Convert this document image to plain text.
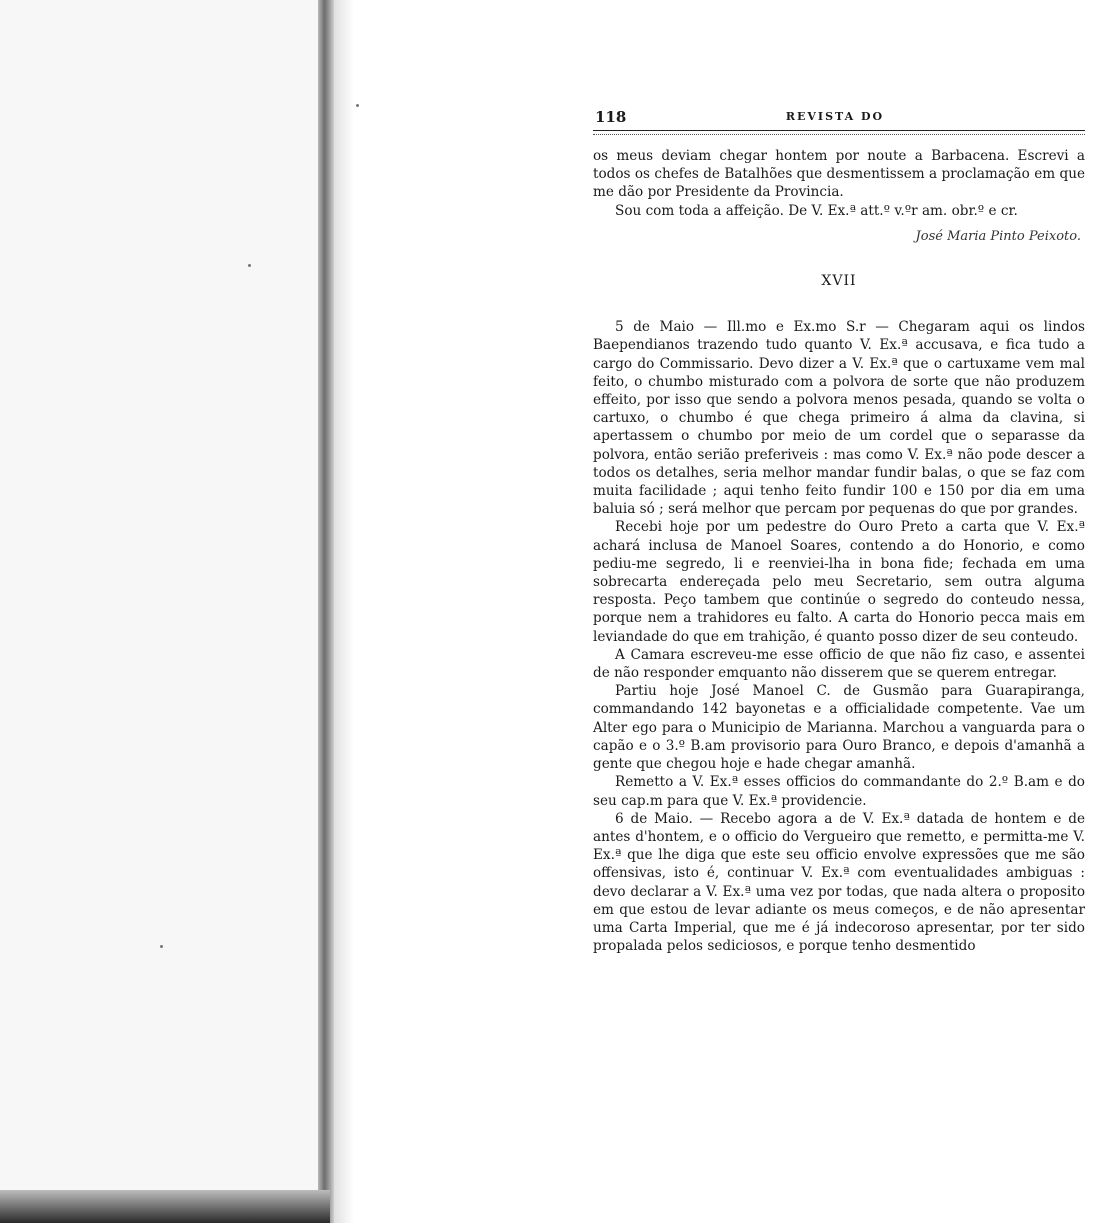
118	REVISTA DO

os meus deviam chegar hontem por noute a Barbacena. Escrevi a todos os chefes de Batalhões que desmentissem a proclamação em que me dão por Presidente da Provincia.

Sou com toda a affeição. De V. Ex.ª att.º v.ºr am. obr.º e cr.

José Maria Pinto Peixoto.
XVII

5 de Maio — Ill.mo e Ex.mo S.r — Chegaram aqui os lindos Baependianos trazendo tudo quanto V. Ex.ª accusava, e fica tudo a cargo do Commissario. Devo dizer a V. Ex.ª que o cartuxame vem mal feito, o chumbo misturado com a polvora de sorte que não produzem effeito, por isso que sendo a polvora menos pesada, quando se volta o cartuxo, o chumbo é que chega primeiro á alma da clavina, si apertassem o chumbo por meio de um cordel que o separasse da polvora, então serião preferiveis : mas como V. Ex.ª não pode descer a todos os detalhes, seria melhor mandar fundir balas, o que se faz com muita facilidade ; aqui tenho feito fundir 100 e 150 por dia em uma baluia só ; será melhor que percam por pequenas do que por grandes.

Recebi hoje por um pedestre do Ouro Preto a carta que V. Ex.ª achará inclusa de Manoel Soares, contendo a do Honorio, e como pediu-me segredo, li e reenviei-lha in bona fide; fechada em uma sobrecarta endereçada pelo meu Secretario, sem outra alguma resposta. Peço tambem que continúe o segredo do conteudo nessa, porque nem a trahidores eu falto. A carta do Honorio pecca mais em leviandade do que em trahição, é quanto posso dizer de seu conteudo.

A Camara escreveu-me esse officio de que não fiz caso, e assentei de não responder emquanto não disserem que se querem entregar.

Partiu hoje José Manoel C. de Gusmão para Guarapiranga, commandando 142 bayonetas e a officialidade competente. Vae um Alter ego para o Municipio de Marianna. Marchou a vanguarda para o capão e o 3.º B.am provisorio para Ouro Branco, e depois d'amanhã a gente que chegou hoje e hade chegar amanhã.

Remetto a V. Ex.ª esses officios do commandante do 2.º B.am e do seu cap.m para que V. Ex.ª providencie.

6 de Maio. — Recebo agora a de V. Ex.ª datada de hontem e de antes d'hontem, e o officio do Vergueiro que remetto, e permitta-me V. Ex.ª que lhe diga que este seu officio envolve expressões que me são offensivas, isto é, continuar V. Ex.ª com eventualidades ambiguas : devo declarar a V. Ex.ª uma vez por todas, que nada altera o proposito em que estou de levar adiante os meus começos, e de não apresentar uma Carta Imperial, que me é já indecoroso apresentar, por ter sido propalada pelos sediciosos, e porque tenho desmentido
